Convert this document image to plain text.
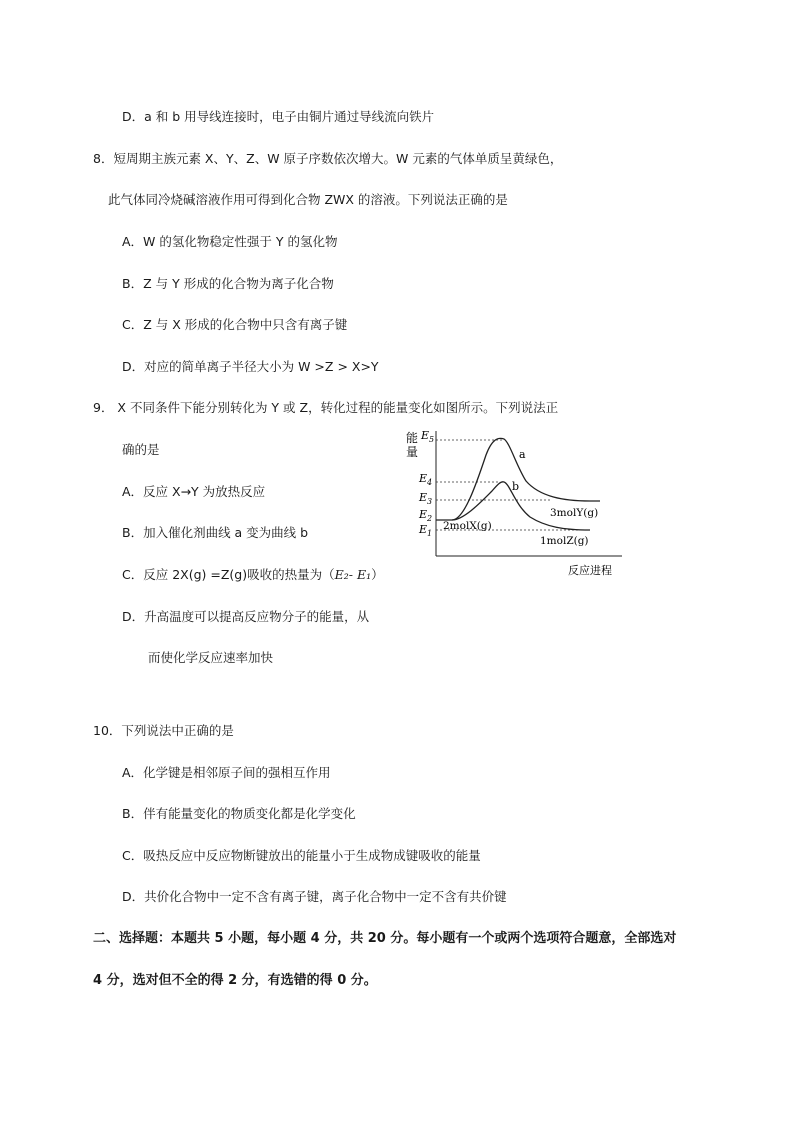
D．a 和 b 用导线连接时，电子由铜片通过导线流向铁片
8．短周期主族元素 X、Y、Z、W 原子序数依次增大。W 元素的气体单质呈黄绿色，
此气体同冷烧碱溶液作用可得到化合物 ZWX 的溶液。下列说法正确的是
A．W 的氢化物稳定性强于 Y 的氢化物
B．Z 与 Y 形成的化合物为离子化合物
C．Z 与 X 形成的化合物中只含有离子键
D．对应的简单离子半径大小为 W >Z > X>Y
9． X 不同条件下能分别转化为 Y 或 Z，转化过程的能量变化如图所示。下列说法正
确的是
A．反应 X→Y 为放热反应
B．加入催化剂曲线 a 变为曲线 b
C．反应 2X(g) =Z(g)吸收的热量为（E₂- E₁）
D．升高温度可以提高反应物分子的能量，从
而使化学反应速率加快
能
量
$E_5$
$E_4$
$E_3$
$E_2$
$E_1$
a
b
2molX(g)
3molY(g)
1molZ(g)
反应进程
10．下列说法中正确的是
A．化学键是相邻原子间的强相互作用
B．伴有能量变化的物质变化都是化学变化
C．吸热反应中反应物断键放出的能量小于生成物成键吸收的能量
D．共价化合物中一定不含有离子键，离子化合物中一定不含有共价键
二、选择题：本题共 5 小题，每小题 4 分，共 20 分。每小题有一个或两个选项符合题意，全部选对
4 分，选对但不全的得 2 分，有选错的得 0 分。
